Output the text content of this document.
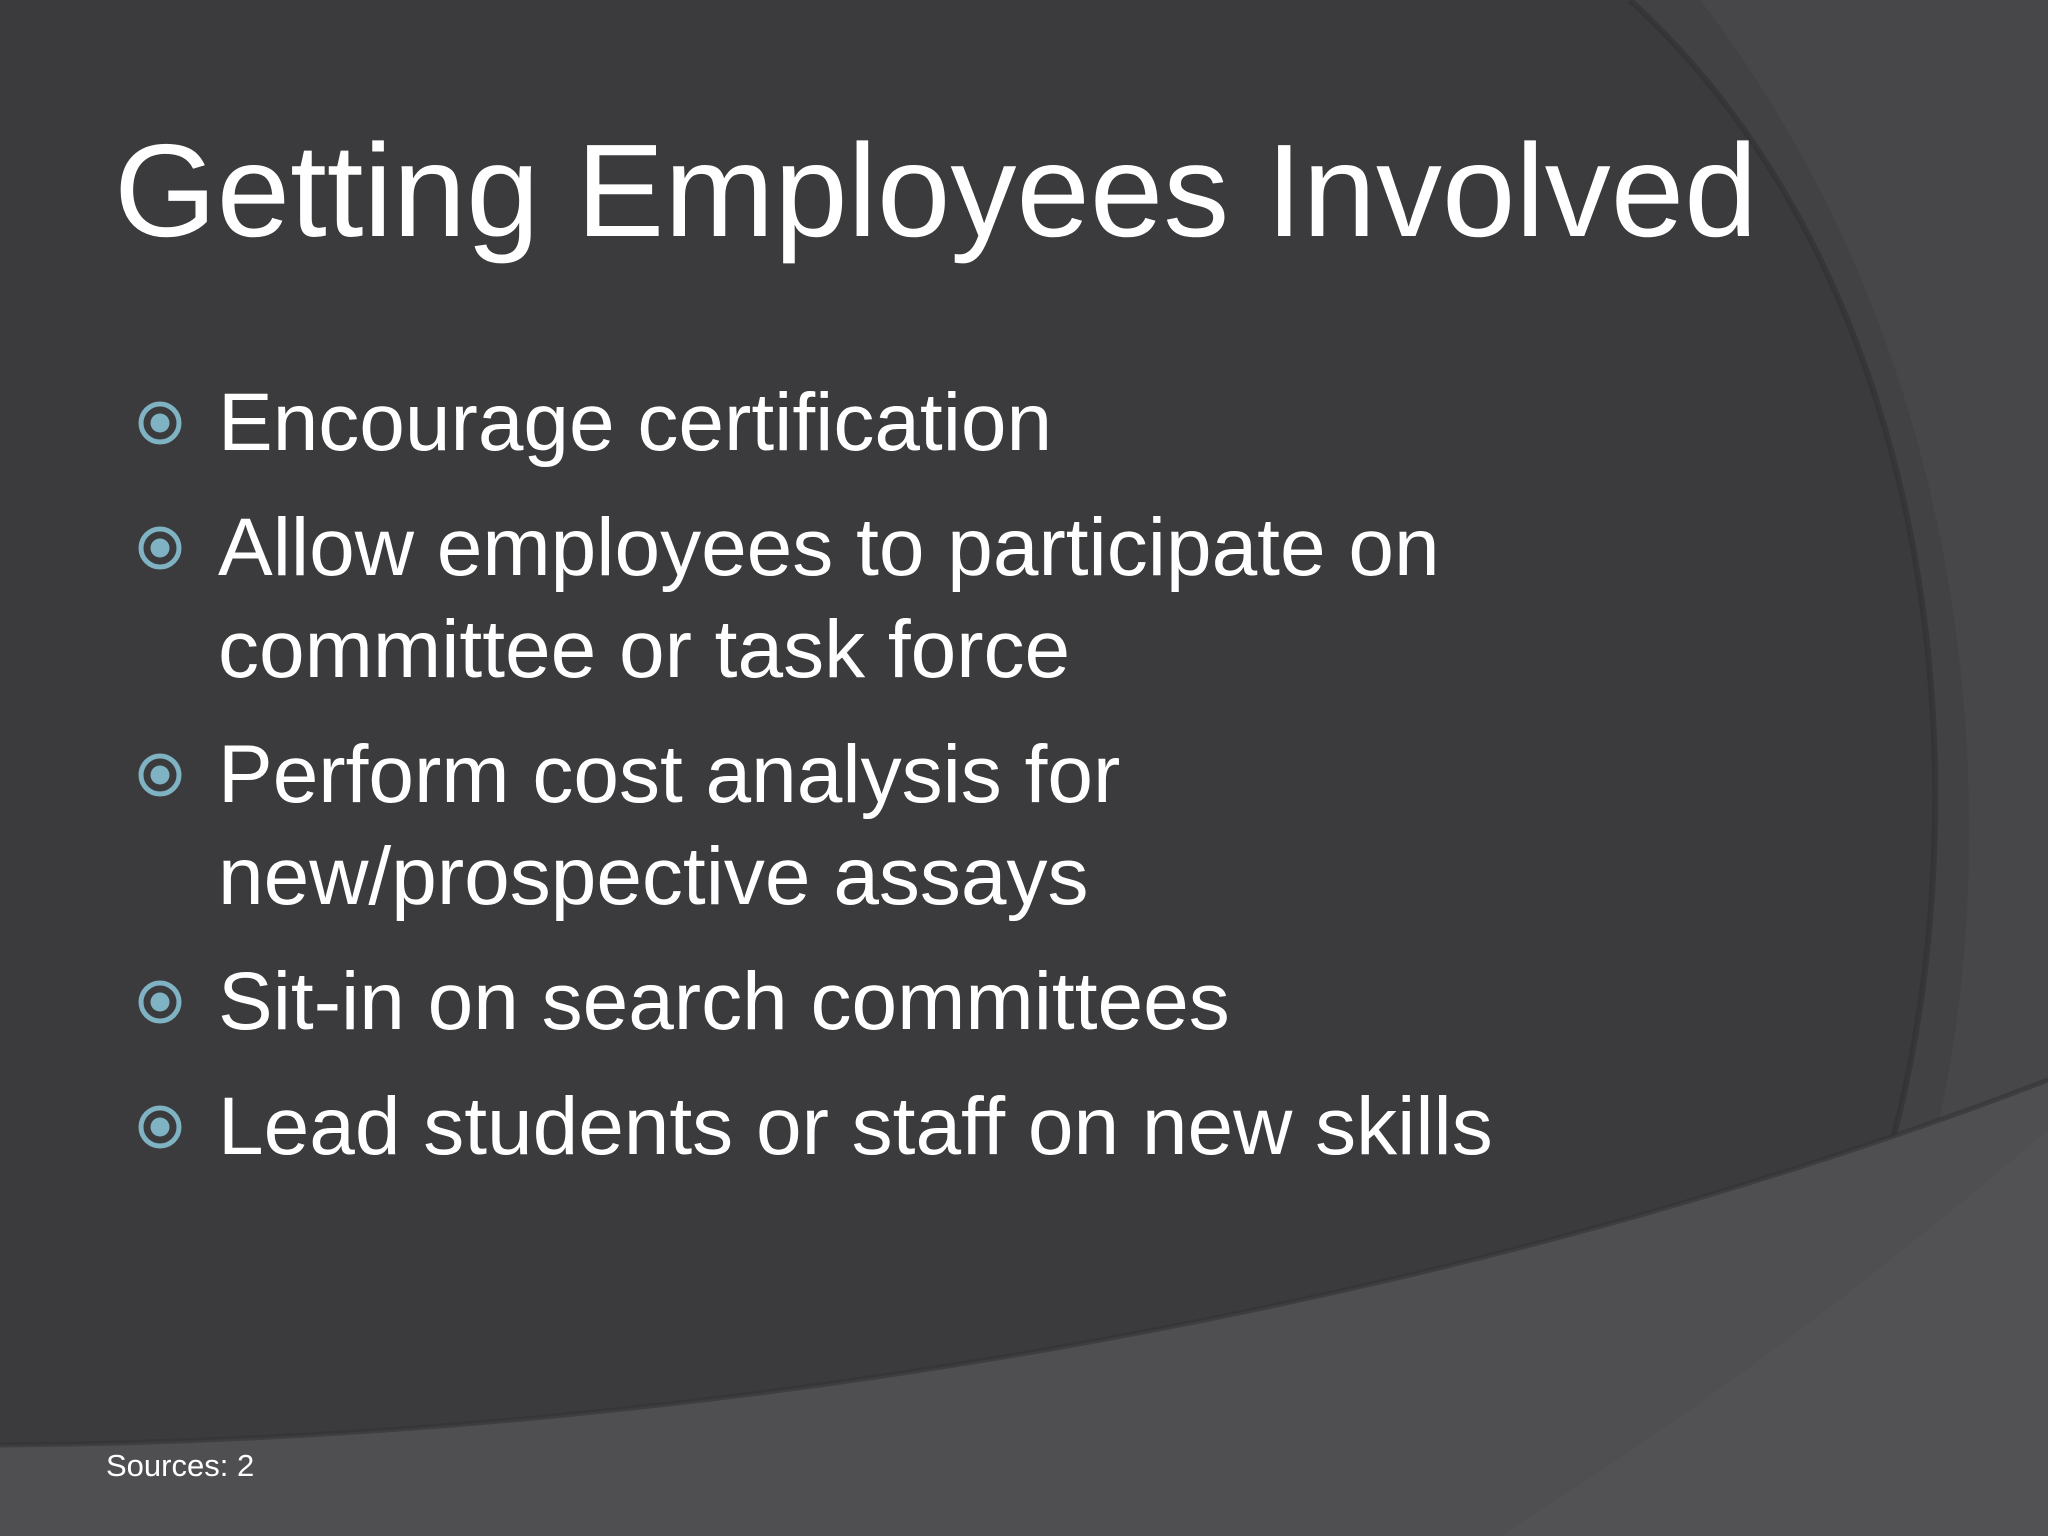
Getting Employees Involved
Encourage certification
Allow employees to participate on committee or task force
Perform cost analysis for new/prospective assays
Sit-in on search committees
Lead students or staff on new skills
Sources: 2
